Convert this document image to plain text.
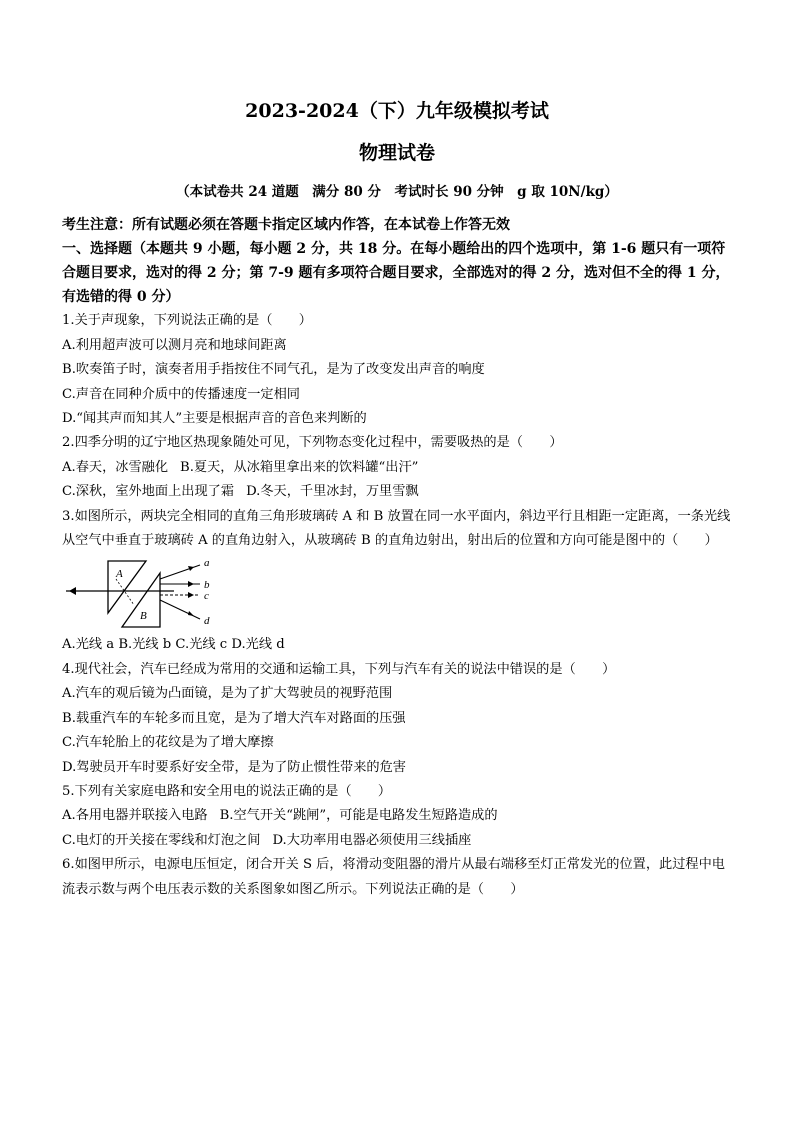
2023-2024（下）九年级模拟考试
物理试卷
（本试卷共 24 道题　满分 80 分　考试时长 90 分钟　g 取 10N/kg）

考生注意：所有试题必须在答题卡指定区域内作答，在本试卷上作答无效

一、选择题（本题共 9 小题，每小题 2 分，共 18 分。在每小题给出的四个选项中，第 1-6 题只有一项符合题目要求，选对的得 2 分；第 7-9 题有多项符合题目要求，全部选对的得 2 分，选对但不全的得 1 分，有选错的得 0 分）

1.关于声现象，下列说法正确的是（　　）

A.利用超声波可以测月亮和地球间距离

B.吹奏笛子时，演奏者用手指按住不同气孔，是为了改变发出声音的响度

C.声音在同种介质中的传播速度一定相同

D.“闻其声而知其人”主要是根据声音的音色来判断的

2.四季分明的辽宁地区热现象随处可见，下列物态变化过程中，需要吸热的是（　　）

A.春天，冰雪融化 B.夏天，从冰箱里拿出来的饮料罐“出汗”

C.深秋，室外地面上出现了霜 D.冬天，千里冰封，万里雪飘

3.如图所示，两块完全相同的直角三角形玻璃砖 A 和 B 放置在同一水平面内，斜边平行且相距一定距离，一条光线从空气中垂直于玻璃砖 A 的直角边射入，从玻璃砖 B 的直角边射出，射出后的位置和方向可能是图中的（　　）

A
B
a
b
c
d

A.光线 a B.光线 b C.光线 c D.光线 d

4.现代社会，汽车已经成为常用的交通和运输工具，下列与汽车有关的说法中错误的是（　　）

A.汽车的观后镜为凸面镜，是为了扩大驾驶员的视野范围

B.载重汽车的车轮多而且宽，是为了增大汽车对路面的压强

C.汽车轮胎上的花纹是为了增大摩擦

D.驾驶员开车时要系好安全带，是为了防止惯性带来的危害

5.下列有关家庭电路和安全用电的说法正确的是（　　）

A.各用电器并联接入电路 B.空气开关“跳闸”，可能是电路发生短路造成的

C.电灯的开关接在零线和灯泡之间 D.大功率用电器必须使用三线插座

6.如图甲所示，电源电压恒定，闭合开关 S 后，将滑动变阻器的滑片从最右端移至灯正常发光的位置，此过程中电流表示数与两个电压表示数的关系图象如图乙所示。下列说法正确的是（　　）
